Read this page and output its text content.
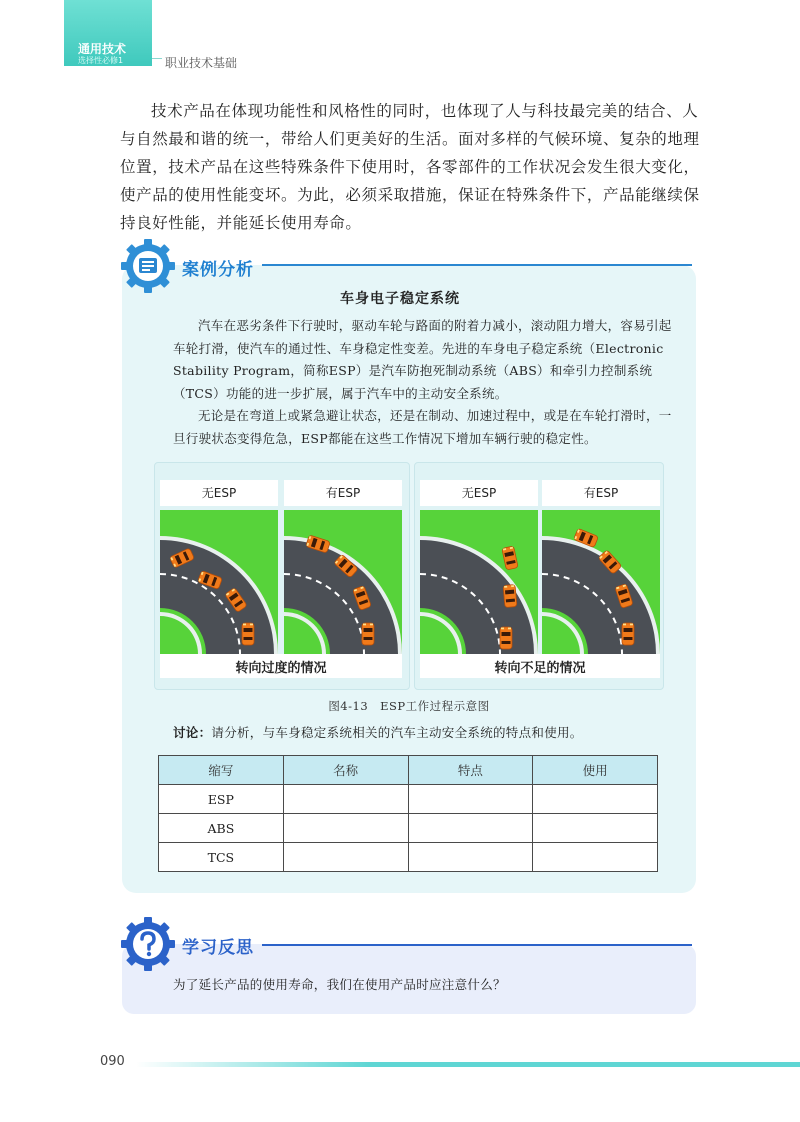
通用技术
选择性必修1	职业技术基础

技术产品在体现功能性和风格性的同时，也体现了人与科技最完美的结合、人与自然最和谐的统一，带给人们更美好的生活。面对多样的气候环境、复杂的地理位置，技术产品在这些特殊条件下使用时，各零部件的工作状况会发生很大变化，使产品的使用性能变坏。为此，必须采取措施，保证在特殊条件下，产品能继续保持良好性能，并能延长使用寿命。

案例分析
车身电子稳定系统

汽车在恶劣条件下行驶时，驱动车轮与路面的附着力减小，滚动阻力增大，容易引起车轮打滑，使汽车的通过性、车身稳定性变差。先进的车身电子稳定系统（Electronic Stability Program，简称ESP）是汽车防抱死制动系统（ABS）和牵引力控制系统（TCS）功能的进一步扩展，属于汽车中的主动安全系统。

无论是在弯道上或紧急避让状态，还是在制动、加速过程中，或是在车轮打滑时，一旦行驶状态变得危急，ESP都能在这些工作情况下增加车辆行驶的稳定性。

无ESP	有ESP	无ESP	有ESP
转向过度的情况	转向不足的情况
图4-13　ESP工作过程示意图
讨论：请分析，与车身稳定系统相关的汽车主动安全系统的特点和使用。
缩写	名称	特点	使用
ESP			
ABS			
TCS			
学习反思
为了延长产品的使用寿命，我们在使用产品时应注意什么？
090
